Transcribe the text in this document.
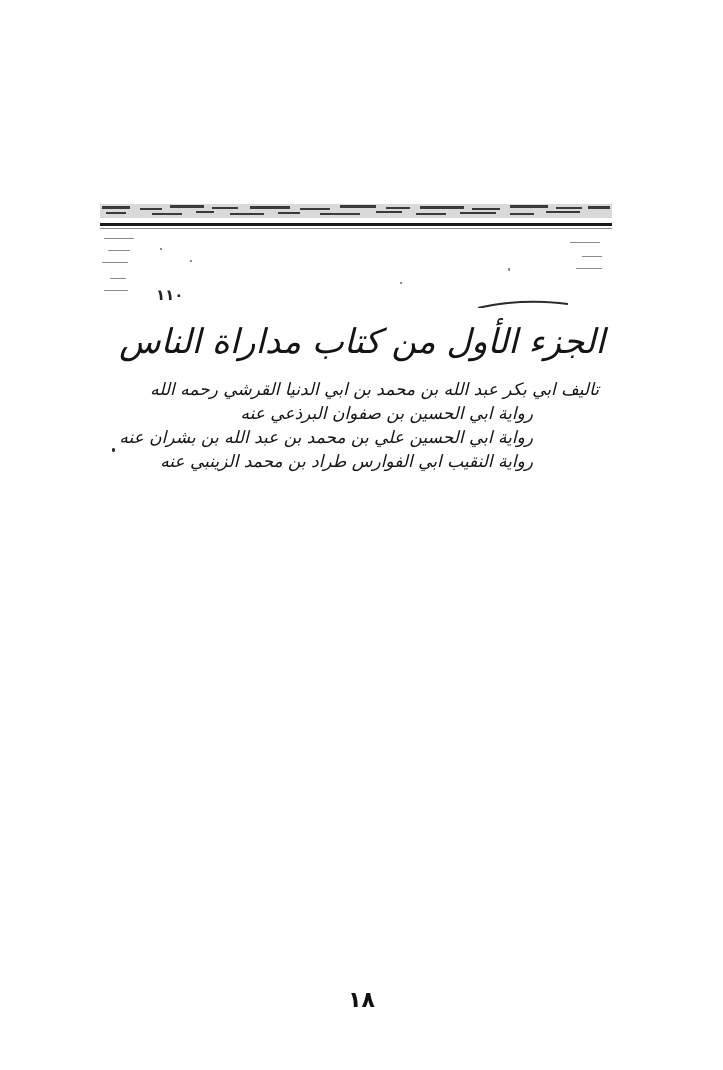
١١٠

الجزء الأول من كتاب مداراة الناس

تاليف ابي بكر عبد الله بن محمد بن ابي الدنيا القرشي رحمه الله

رواية ابي الحسين بن صفوان البرذعي عنه

رواية ابي الحسين علي بن محمد بن عبد الله بن بشران عنه

رواية النقيب ابي الفوارس طراد بن محمد الزينبي عنه

١٨
